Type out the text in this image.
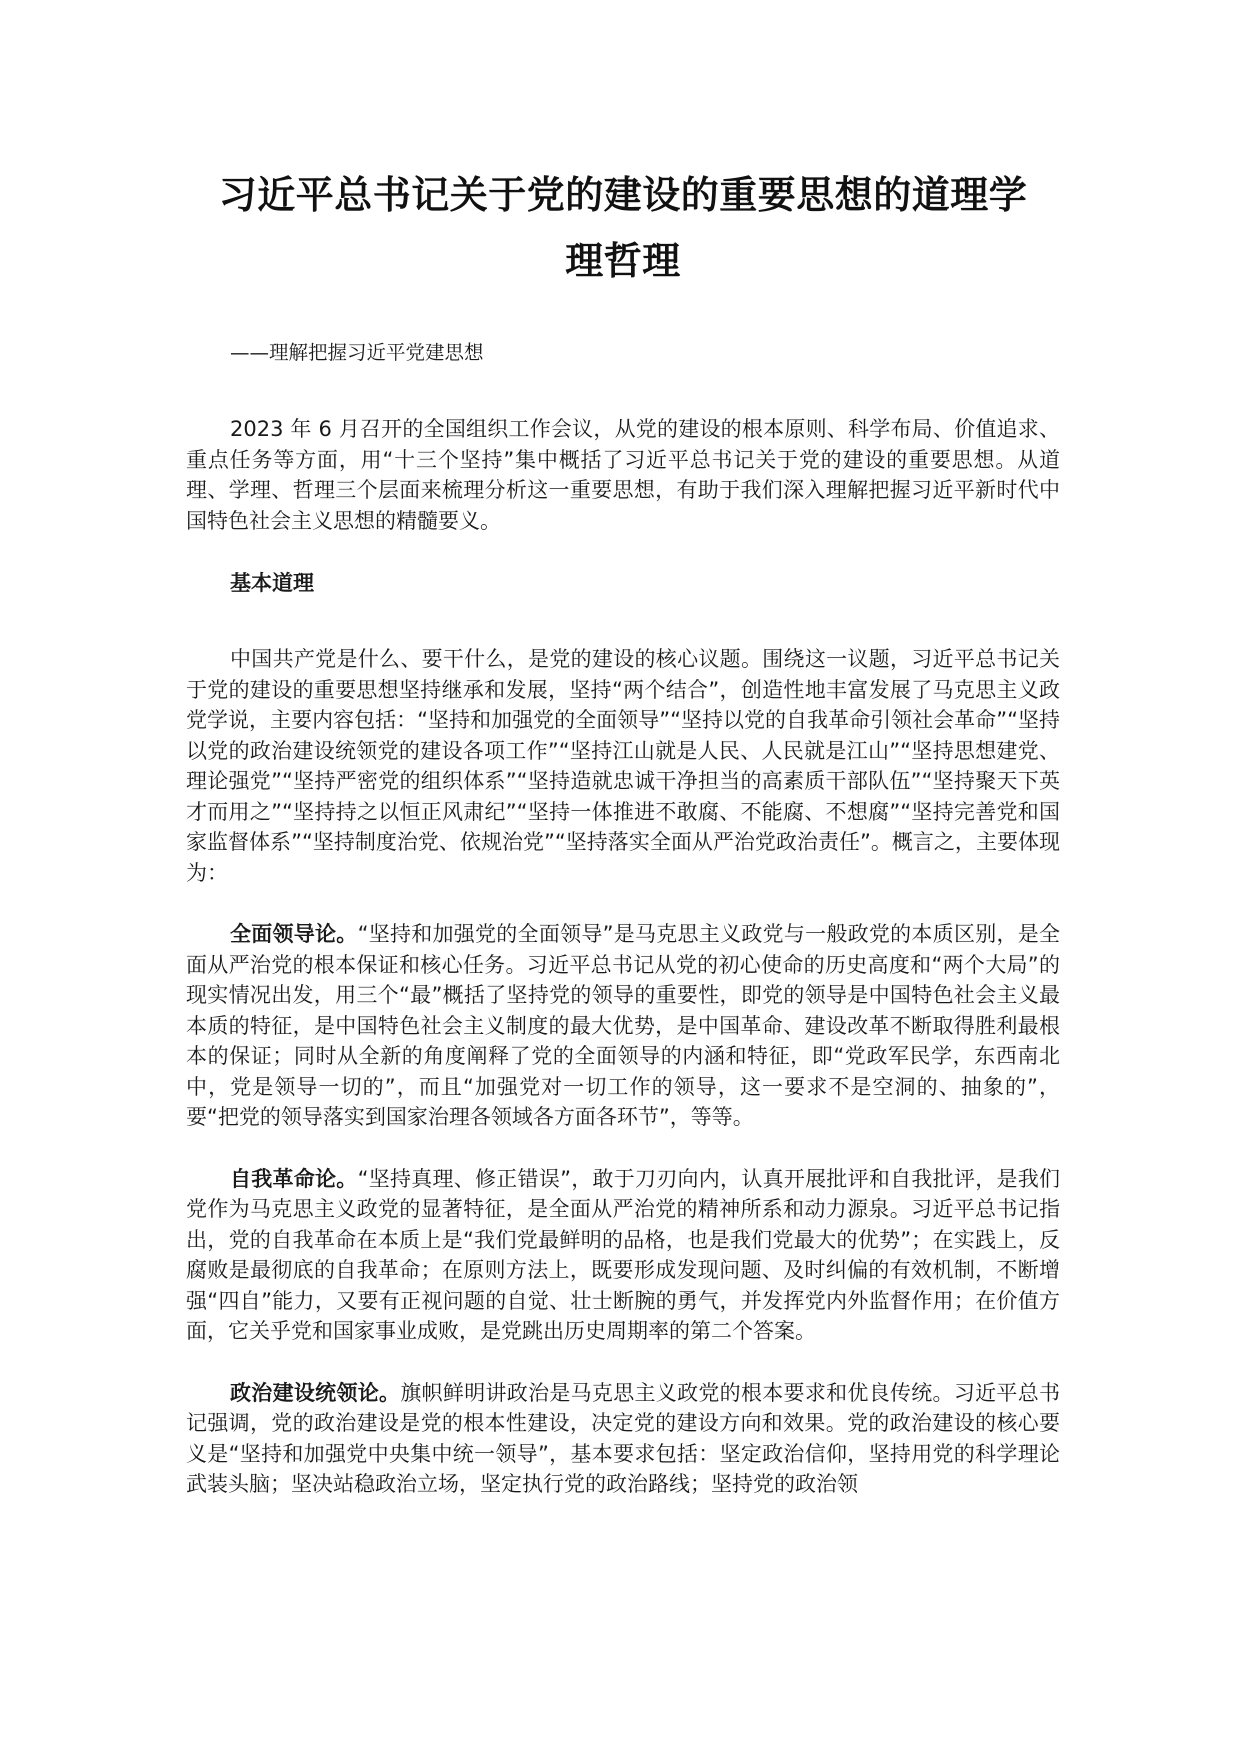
习近平总书记关于党的建设的重要思想的道理学
理哲理

——理解把握习近平党建思想

2023 年 6 月召开的全国组织工作会议，从党的建设的根本原则、科学布局、价值追求、重点任务等方面，用“十三个坚持”集中概括了习近平总书记关于党的建设的重要思想。从道理、学理、哲理三个层面来梳理分析这一重要思想，有助于我们深入理解把握习近平新时代中国特色社会主义思想的精髓要义。

基本道理

中国共产党是什么、要干什么，是党的建设的核心议题。围绕这一议题，习近平总书记关于党的建设的重要思想坚持继承和发展，坚持“两个结合”，创造性地丰富发展了马克思主义政党学说，主要内容包括：“坚持和加强党的全面领导”“坚持以党的自我革命引领社会革命”“坚持以党的政治建设统领党的建设各项工作”“坚持江山就是人民、人民就是江山”“坚持思想建党、理论强党”“坚持严密党的组织体系”“坚持造就忠诚干净担当的高素质干部队伍”“坚持聚天下英才而用之”“坚持持之以恒正风肃纪”“坚持一体推进不敢腐、不能腐、不想腐”“坚持完善党和国家监督体系”“坚持制度治党、依规治党”“坚持落实全面从严治党政治责任”。概言之，主要体现为：

全面领导论。“坚持和加强党的全面领导”是马克思主义政党与一般政党的本质区别，是全面从严治党的根本保证和核心任务。习近平总书记从党的初心使命的历史高度和“两个大局”的现实情况出发，用三个“最”概括了坚持党的领导的重要性，即党的领导是中国特色社会主义最本质的特征，是中国特色社会主义制度的最大优势，是中国革命、建设改革不断取得胜利最根本的保证；同时从全新的角度阐释了党的全面领导的内涵和特征，即“党政军民学，东西南北中，党是领导一切的”，而且“加强党对一切工作的领导，这一要求不是空洞的、抽象的”，要“把党的领导落实到国家治理各领域各方面各环节”，等等。

自我革命论。“坚持真理、修正错误”，敢于刀刃向内，认真开展批评和自我批评，是我们党作为马克思主义政党的显著特征，是全面从严治党的精神所系和动力源泉。习近平总书记指出，党的自我革命在本质上是“我们党最鲜明的品格，也是我们党最大的优势”；在实践上，反腐败是最彻底的自我革命；在原则方法上，既要形成发现问题、及时纠偏的有效机制，不断增强“四自”能力，又要有正视问题的自觉、壮士断腕的勇气，并发挥党内外监督作用；在价值方面，它关乎党和国家事业成败，是党跳出历史周期率的第二个答案。

政治建设统领论。旗帜鲜明讲政治是马克思主义政党的根本要求和优良传统。习近平总书记强调，党的政治建设是党的根本性建设，决定党的建设方向和效果。党的政治建设的核心要义是“坚持和加强党中央集中统一领导”，基本要求包括：坚定政治信仰，坚持用党的科学理论武装头脑；坚决站稳政治立场，坚定执行党的政治路线；坚持党的政治领
